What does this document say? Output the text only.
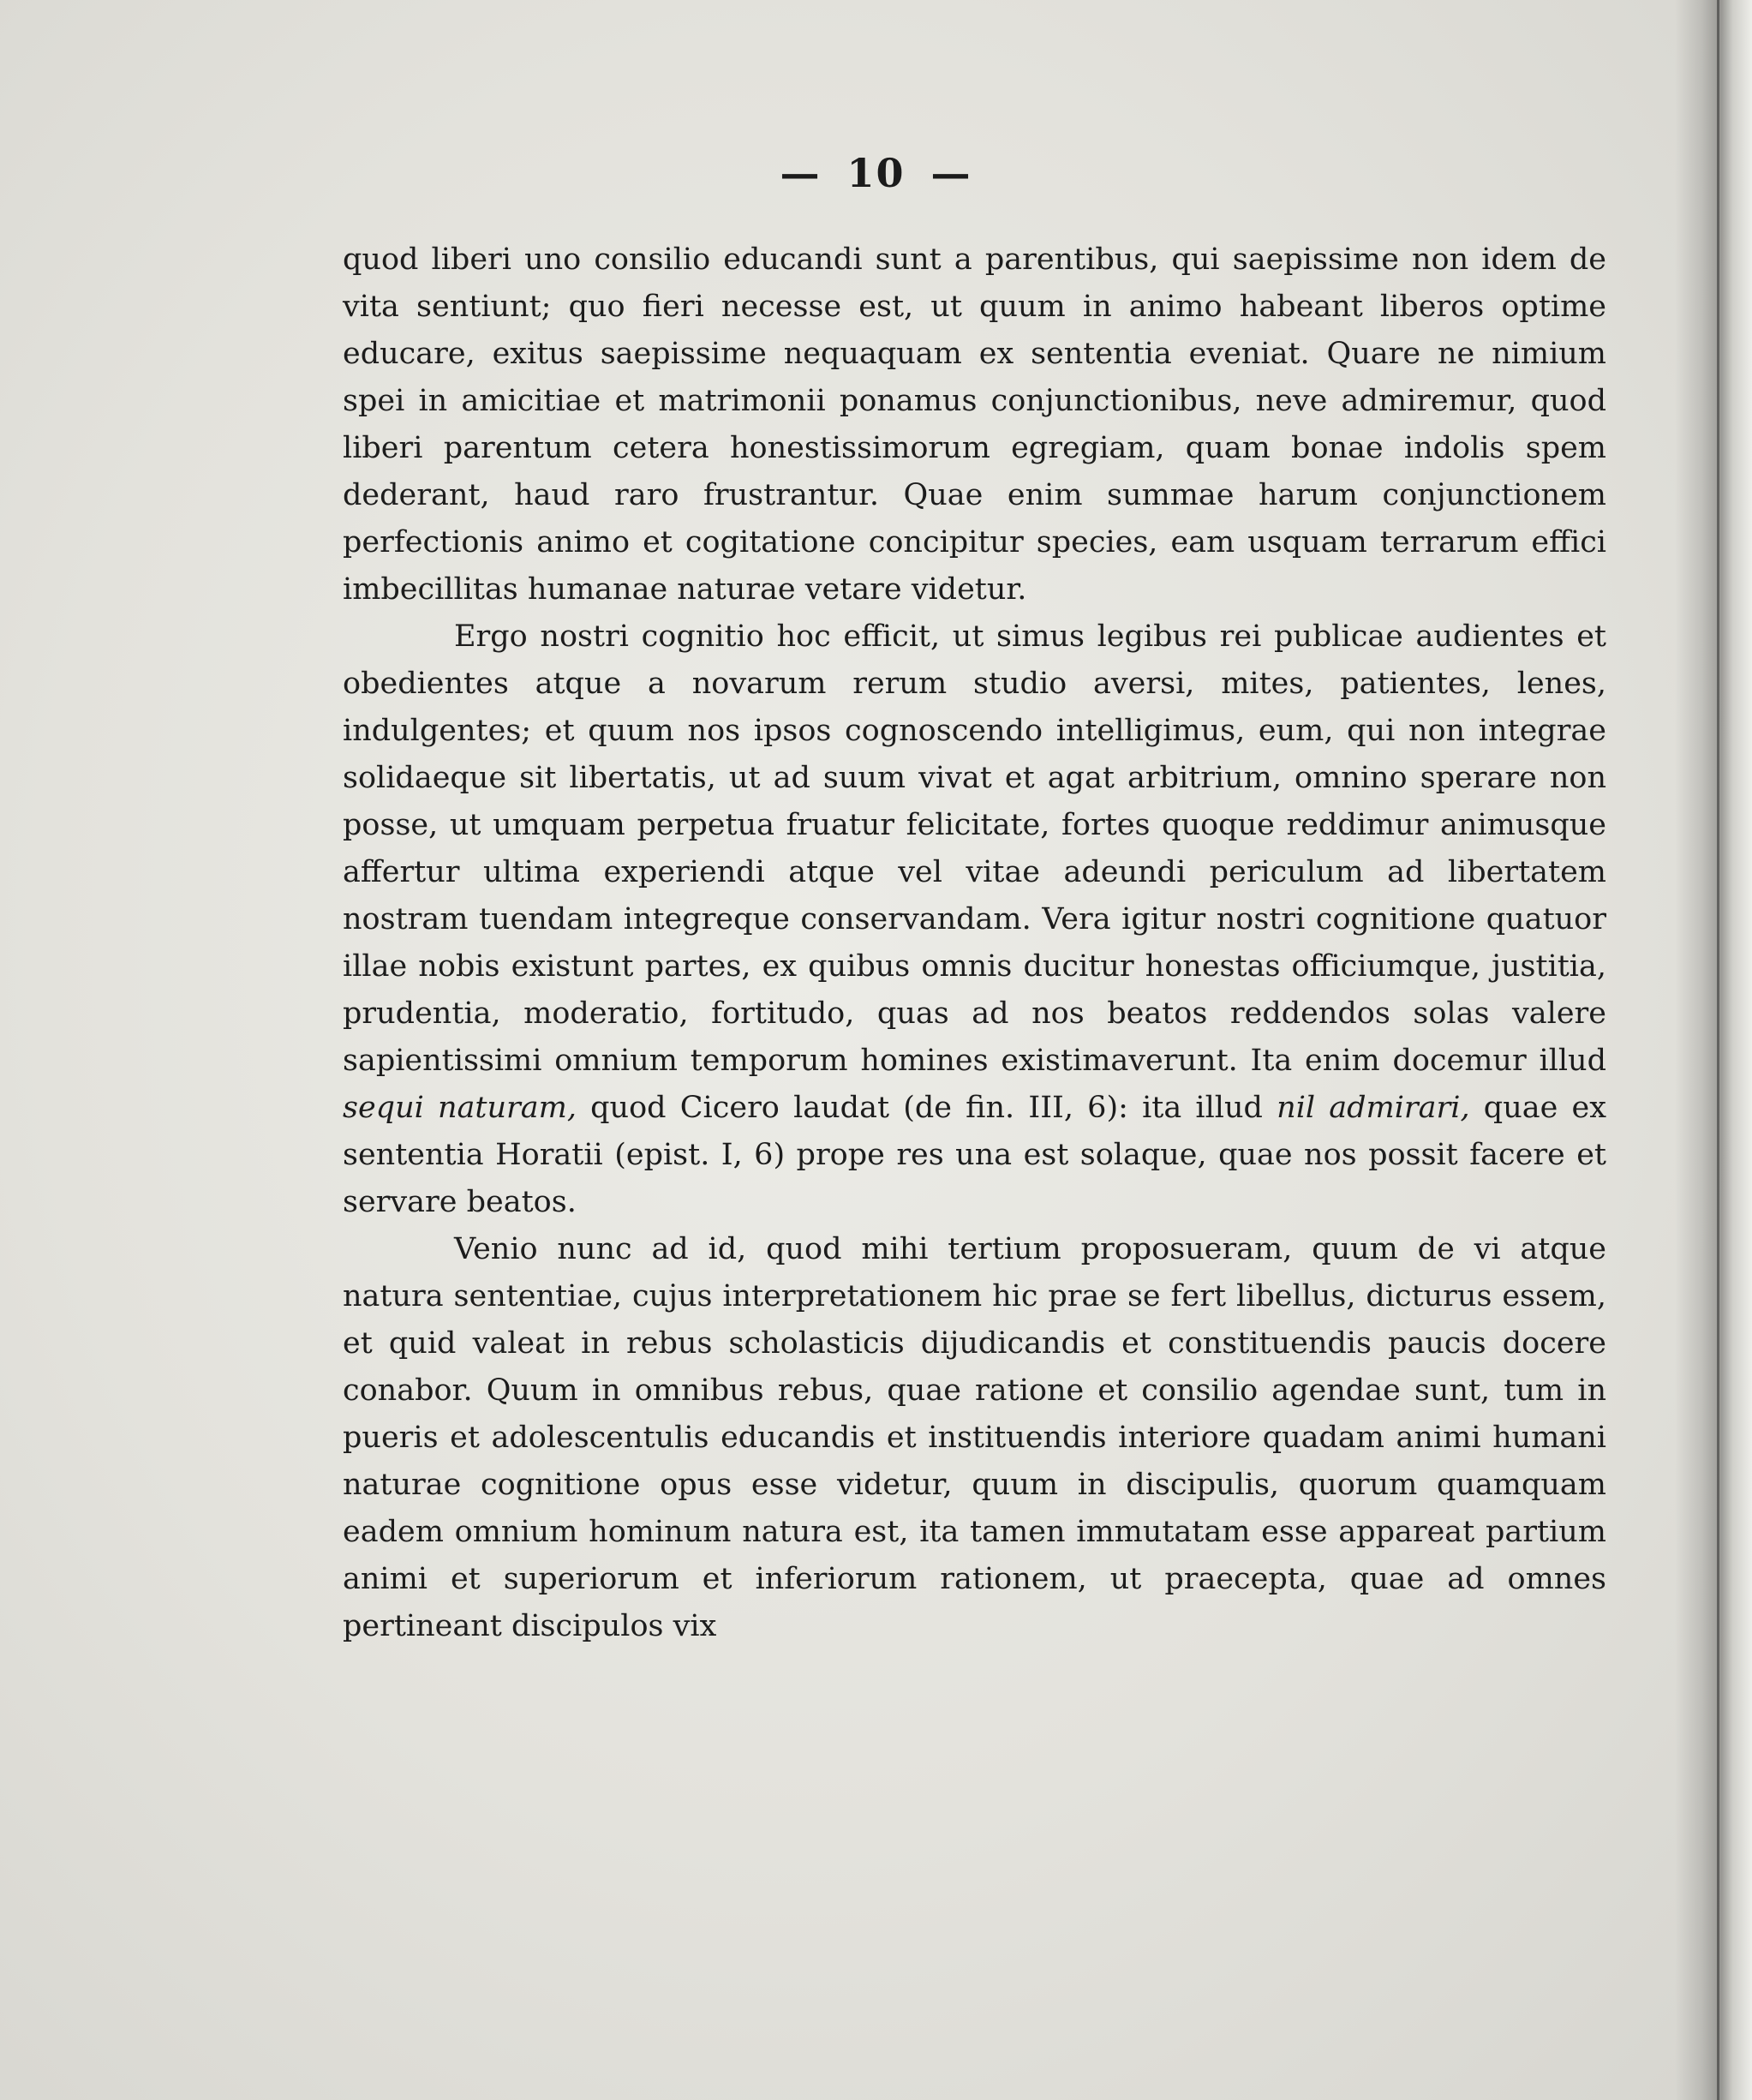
— 10 —

quod liberi uno consilio educandi sunt a parentibus, qui saepissime non idem de vita sentiunt; quo fieri necesse est, ut quum in animo habeant liberos optime educare, exitus saepissime nequaquam ex sententia eveniat. Quare ne nimium spei in amicitiae et matrimonii ponamus conjunctionibus, neve admiremur, quod liberi parentum cetera honestissimorum egregiam, quam bonae indolis spem dederant, haud raro frustrantur. Quae enim summae harum conjunctionem perfectionis animo et cogitatione concipitur species, eam usquam terrarum effici imbecillitas humanae naturae vetare videtur.

Ergo nostri cognitio hoc efficit, ut simus legibus rei publicae audientes et obedientes atque a novarum rerum studio aversi, mites, patientes, lenes, indulgentes; et quum nos ipsos cognoscendo intelligimus, eum, qui non integrae solidaeque sit libertatis, ut ad suum vivat et agat arbitrium, omnino sperare non posse, ut umquam perpetua fruatur felicitate, fortes quoque reddimur animusque affertur ultima experiendi atque vel vitae adeundi periculum ad libertatem nostram tuendam integreque conservandam. Vera igitur nostri cognitione quatuor illae nobis existunt partes, ex quibus omnis ducitur honestas officiumque, justitia, prudentia, moderatio, fortitudo, quas ad nos beatos reddendos solas valere sapientissimi omnium temporum homines existimaverunt. Ita enim docemur illud sequi naturam, quod Cicero laudat (de fin. III, 6): ita illud nil admirari, quae ex sententia Horatii (epist. I, 6) prope res una est solaque, quae nos possit facere et servare beatos.

Venio nunc ad id, quod mihi tertium proposueram, quum de vi atque natura sententiae, cujus interpretationem hic prae se fert libellus, dicturus essem, et quid valeat in rebus scholasticis dijudicandis et constituendis paucis docere conabor. Quum in omnibus rebus, quae ratione et consilio agendae sunt, tum in pueris et adolescentulis educandis et instituendis interiore quadam animi humani naturae cognitione opus esse videtur, quum in discipulis, quorum quamquam eadem omnium hominum natura est, ita tamen immutatam esse appareat partium animi et superiorum et inferiorum rationem, ut praecepta, quae ad omnes pertineant discipulos vix
